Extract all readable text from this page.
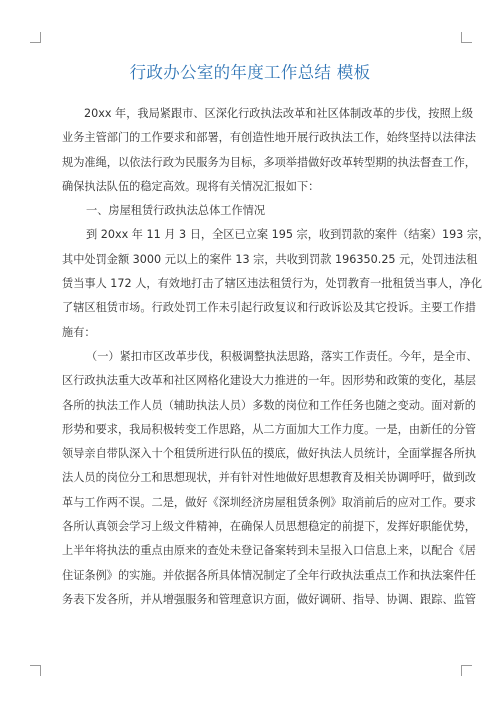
行政办公室的年度工作总结 模板
20xx 年，我局紧跟市、区深化行政执法改革和社区体制改革的步伐，按照上级
业务主管部门的工作要求和部署，有创造性地开展行政执法工作，始终坚持以法律法
规为准绳，以依法行政为民服务为目标，多项举措做好改革转型期的执法督查工作，
确保执法队伍的稳定高效。现将有关情况汇报如下：
一、房屋租赁行政执法总体工作情况
到 20xx 年 11 月 3 日，全区已立案 195 宗，收到罚款的案件（结案）193 宗，
其中处罚金额 3000 元以上的案件 13 宗，共收到罚款 196350.25 元，处罚违法租
赁当事人 172 人，有效地打击了辖区违法租赁行为，处罚教育一批租赁当事人，净化
了辖区租赁市场。行政处罚工作未引起行政复议和行政诉讼及其它投诉。主要工作措
施有：
（一）紧扣市区改革步伐，积极调整执法思路，落实工作责任。今年，是全市、
区行政执法重大改革和社区网格化建设大力推进的一年。因形势和政策的变化，基层
各所的执法工作人员（辅助执法人员）多数的岗位和工作任务也随之变动。面对新的
形势和要求，我局积极转变工作思路，从二方面加大工作力度。一是，由新任的分管
领导亲自带队深入十个租赁所进行队伍的摸底，做好执法人员统计，全面掌握各所执
法人员的岗位分工和思想现状，并有针对性地做好思想教育及相关协调呼吁，做到改
革与工作两不误。二是，做好《深圳经济房屋租赁条例》取消前后的应对工作。要求
各所认真领会学习上级文件精神，在确保人员思想稳定的前提下，发挥好职能优势，
上半年将执法的重点由原来的查处未登记备案转到未呈报入口信息上来，以配合《居
住证条例》的实施。并依据各所具体情况制定了全年行政执法重点工作和执法案件任
务表下发各所，并从增强服务和管理意识方面，做好调研、指导、协调、跟踪、监管
